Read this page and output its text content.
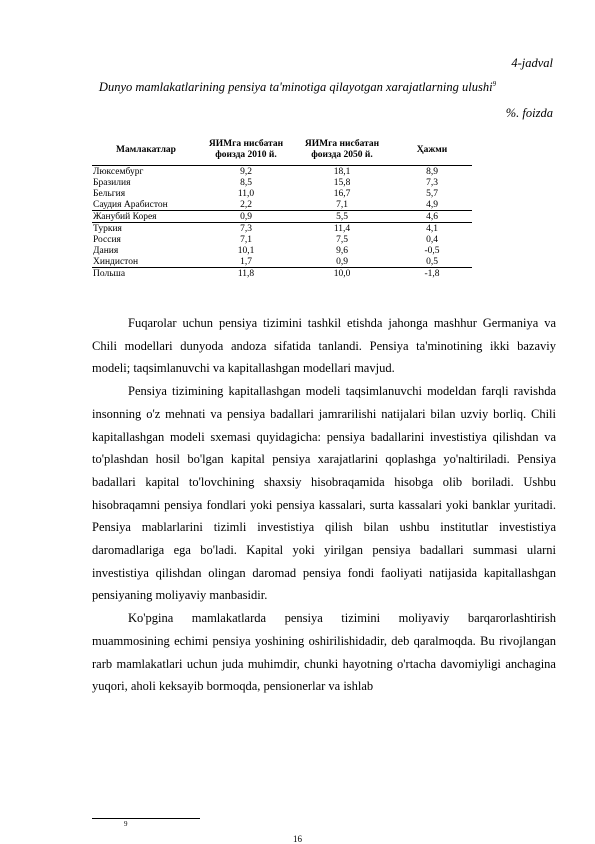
4-jadval
Dunyo mamlakatlarining pensiya ta'minotiga qilayotgan xarajatlarning ulushi$^9$
%. foizda
Мамлакатлар	ЯИМга нисбатан фоизда 2010 й.	ЯИМга нисбатан фоизда 2050 й.	Ҳажми
Люксембург	9,2	18,1	8,9
Бразилия	8,5	15,8	7,3
Бельгия	11,0	16,7	5,7
Саудия Арабистон	2,2	7,1	4,9
Жанубий Корея	0,9	5,5	4,6
Туркия	7,3	11,4	4,1
Россия	7,1	7,5	0,4
Дания	10,1	9,6	-0,5
Хиндистон	1,7	0,9	0,5
Польша	11,8	10,0	-1,8

Fuqarolar uchun pensiya tizimini tashkil etishda jahonga mashhur Germaniya va Chili modellari dunyoda andoza sifatida tanlandi. Pensiya ta'minotining ikki bazaviy modeli; taqsimlanuvchi va kapitallashgan modellari mavjud.

Pensiya tizimining kapitallashgan modeli taqsimlanuvchi modeldan farqli ravishda insonning o'z mehnati va pensiya badallari jamrarilishi natijalari bilan uzviy borliq. Chili kapitallashgan modeli sxemasi quyidagicha: pensiya badallarini investistiya qilishdan va to'plashdan hosil bo'lgan kapital pensiya xarajatlarini qoplashga yo'naltiriladi. Pensiya badallari kapital to'lovchining shaxsiy hisobraqamida hisobga olib boriladi. Ushbu hisobraqamni pensiya fondlari yoki pensiya kassalari, surta kassalari yoki banklar yuritadi. Pensiya mablarlarini tizimli investistiya qilish bilan ushbu institutlar investistiya daromadlariga ega bo'ladi. Kapital yoki yirilgan pensiya badallari summasi ularni investistiya qilishdan olingan daromad pensiya fondi faoliyati natijasida kapitallashgan pensiyaning moliyaviy manbasidir.

Ko'pgina mamlakatlarda pensiya tizimini moliyaviy barqarorlashtirish muammosining echimi pensiya yoshining oshirilishidadir, deb qaralmoqda. Bu rivojlangan rarb mamlakatlari uchun juda muhimdir, chunki hayotning o'rtacha davomiyligi anchagina yuqori, aholi keksayib bormoqda, pensionerlar va ishlab

9
16
